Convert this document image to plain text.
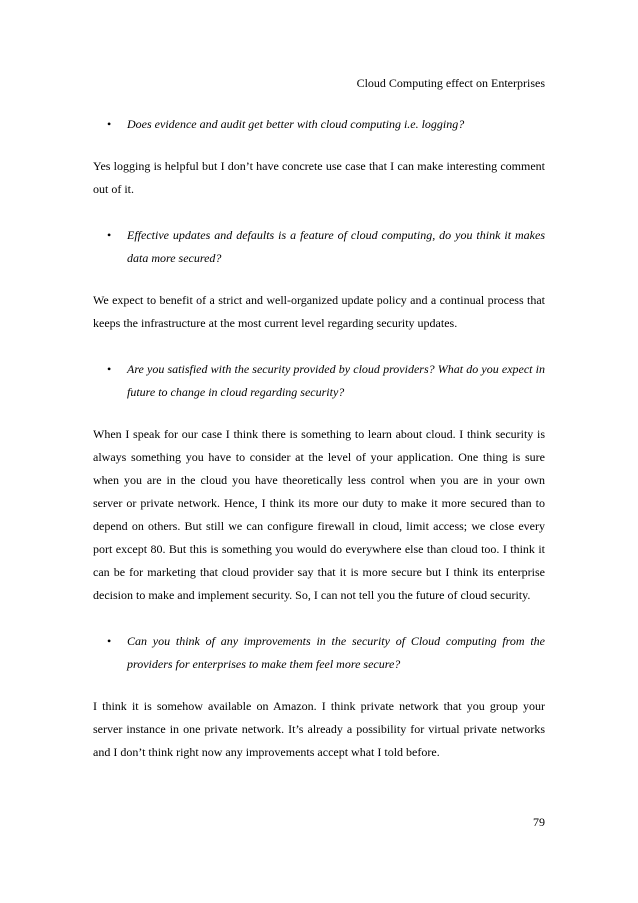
Cloud Computing effect on Enterprises

• Does evidence and audit get better with cloud computing i.e. logging?

Yes logging is helpful but I don’t have concrete use case that I can make interesting comment out of it.

• Effective updates and defaults is a feature of cloud computing, do you think it makes data more secured?

We expect to benefit of a strict and well-organized update policy and a continual process that keeps the infrastructure at the most current level regarding security updates.

• Are you satisfied with the security provided by cloud providers? What do you expect in future to change in cloud regarding security?

When I speak for our case I think there is something to learn about cloud. I think security is always something you have to consider at the level of your application. One thing is sure when you are in the cloud you have theoretically less control when you are in your own server or private network. Hence, I think its more our duty to make it more secured than to depend on others. But still we can configure firewall in cloud, limit access; we close every port except 80. But this is something you would do everywhere else than cloud too. I think it can be for marketing that cloud provider say that it is more secure but I think its enterprise decision to make and implement security. So, I can not tell you the future of cloud security.

• Can you think of any improvements in the security of Cloud computing from the providers for enterprises to make them feel more secure?

I think it is somehow available on Amazon. I think private network that you group your server instance in one private network. It’s already a possibility for virtual private networks and I don’t think right now any improvements accept what I told before.

79
